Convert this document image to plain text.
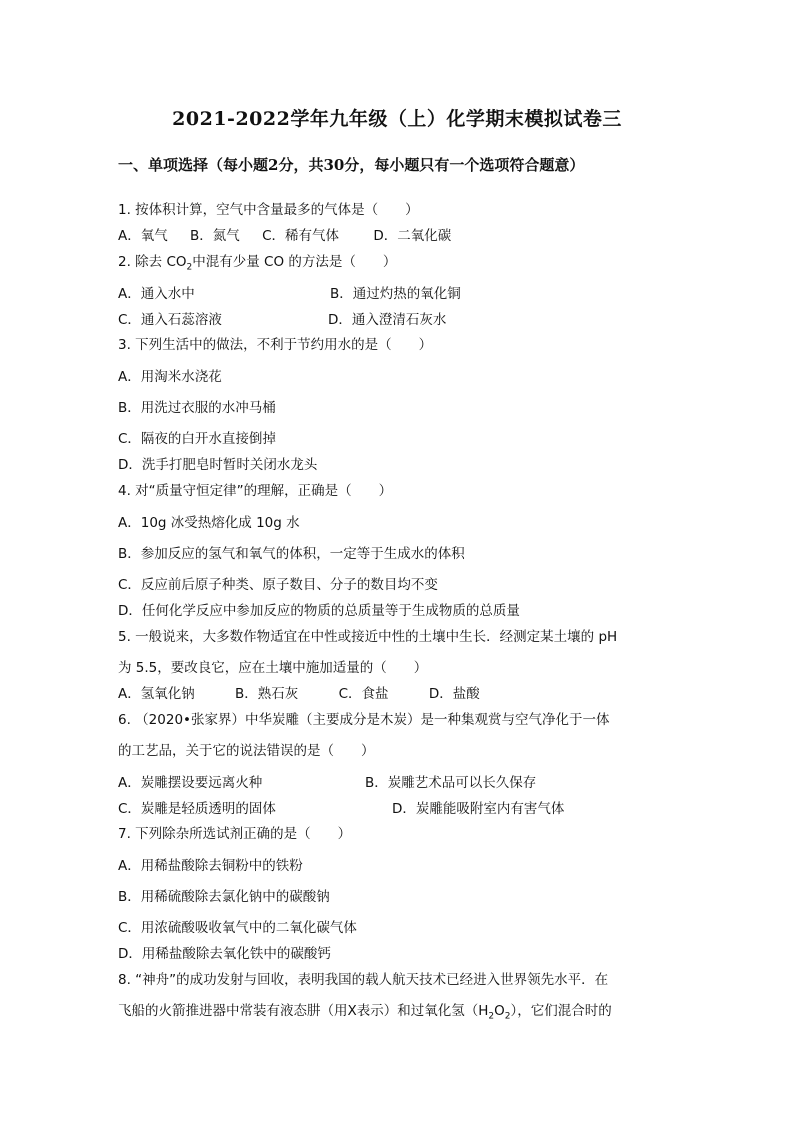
2021-2022学年九年级（上）化学期末模拟试卷三
一、单项选择（每小题2分，共30分，每小题只有一个选项符合题意）
1. 按体积计算，空气中含量最多的气体是（　　）
A．氧气 B．氮气 C．稀有气体	D．二氧化碳
2. 除去 $CO_2$中混有少量 CO 的方法是（　　）
A．通入水中	B．通过灼热的氧化铜
C．通入石蕊溶液	D．通入澄清石灰水
3. 下列生活中的做法，不利于节约用水的是（　　）
A．用淘米水浇花
B．用洗过衣服的水冲马桶
C．隔夜的白开水直接倒掉
D．洗手打肥皂时暂时关闭水龙头
4. 对“质量守恒定律”的理解，正确是（　　）
A．10g 冰受热熔化成 10g 水
B．参加反应的氢气和氧气的体积，一定等于生成水的体积
C．反应前后原子种类、原子数目、分子的数目均不变
D．任何化学反应中参加反应的物质的总质量等于生成物质的总质量
5. 一般说来，大多数作物适宜在中性或接近中性的土壤中生长．经测定某土壤的 pH
为 5.5，要改良它，应在土壤中施加适量的（　　）
A．氢氧化钠	B．熟石灰	C．食盐	D．盐酸
6. （2020•张家界）中华炭雕（主要成分是木炭）是一种集观赏与空气净化于一体
的工艺品，关于它的说法错误的是（　　）
A．炭雕摆设要远离火种	B．炭雕艺术品可以长久保存
C．炭雕是轻质透明的固体	D．炭雕能吸附室内有害气体
7. 下列除杂所选试剂正确的是（　　）
A．用稀盐酸除去铜粉中的铁粉
B．用稀硫酸除去氯化钠中的碳酸钠
C．用浓硫酸吸收氧气中的二氧化碳气体
D．用稀盐酸除去氧化铁中的碳酸钙
8. “神舟”的成功发射与回收，表明我国的载人航天技术已经进入世界领先水平．在
飞船的火箭推进器中常装有液态肼（用X表示）和过氧化氢$(H_2O_2)$，它们混合时的
